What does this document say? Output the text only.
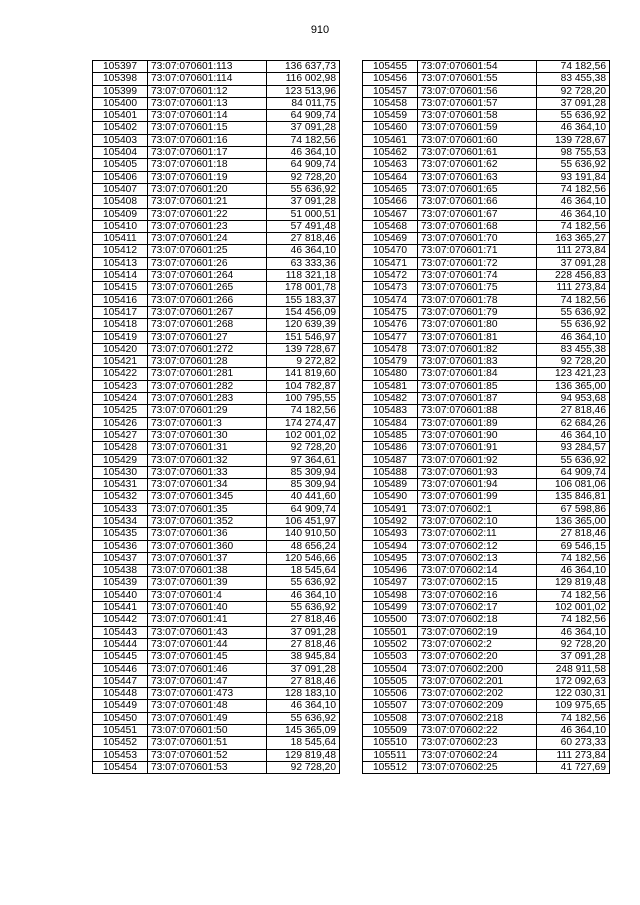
910
105397	73:07:070601:113	136 637,73
105398	73:07:070601:114	116 002,98
105399	73:07:070601:12	123 513,96
105400	73:07:070601:13	84 011,75
105401	73:07:070601:14	64 909,74
105402	73:07:070601:15	37 091,28
105403	73:07:070601:16	74 182,56
105404	73:07:070601:17	46 364,10
105405	73:07:070601:18	64 909,74
105406	73:07:070601:19	92 728,20
105407	73:07:070601:20	55 636,92
105408	73:07:070601:21	37 091,28
105409	73:07:070601:22	51 000,51
105410	73:07:070601:23	57 491,48
105411	73:07:070601:24	27 818,46
105412	73:07:070601:25	46 364,10
105413	73:07:070601:26	63 333,36
105414	73:07:070601:264	118 321,18
105415	73:07:070601:265	178 001,78
105416	73:07:070601:266	155 183,37
105417	73:07:070601:267	154 456,09
105418	73:07:070601:268	120 639,39
105419	73:07:070601:27	151 546,97
105420	73:07:070601:272	139 728,67
105421	73:07:070601:28	9 272,82
105422	73:07:070601:281	141 819,60
105423	73:07:070601:282	104 782,87
105424	73:07:070601:283	100 795,55
105425	73:07:070601:29	74 182,56
105426	73:07:070601:3	174 274,47
105427	73:07:070601:30	102 001,02
105428	73:07:070601:31	92 728,20
105429	73:07:070601:32	97 364,61
105430	73:07:070601:33	85 309,94
105431	73:07:070601:34	85 309,94
105432	73:07:070601:345	40 441,60
105433	73:07:070601:35	64 909,74
105434	73:07:070601:352	106 451,97
105435	73:07:070601:36	140 910,50
105436	73:07:070601:360	48 656,24
105437	73:07:070601:37	120 546,66
105438	73:07:070601:38	18 545,64
105439	73:07:070601:39	55 636,92
105440	73:07:070601:4	46 364,10
105441	73:07:070601:40	55 636,92
105442	73:07:070601:41	27 818,46
105443	73:07:070601:43	37 091,28
105444	73:07:070601:44	27 818,46
105445	73:07:070601:45	38 945,84
105446	73:07:070601:46	37 091,28
105447	73:07:070601:47	27 818,46
105448	73:07:070601:473	128 183,10
105449	73:07:070601:48	46 364,10
105450	73:07:070601:49	55 636,92
105451	73:07:070601:50	145 365,09
105452	73:07:070601:51	18 545,64
105453	73:07:070601:52	129 819,48
105454	73:07:070601:53	92 728,20
105455	73:07:070601:54	74 182,56
105456	73:07:070601:55	83 455,38
105457	73:07:070601:56	92 728,20
105458	73:07:070601:57	37 091,28
105459	73:07:070601:58	55 636,92
105460	73:07:070601:59	46 364,10
105461	73:07:070601:60	139 728,67
105462	73:07:070601:61	98 755,53
105463	73:07:070601:62	55 636,92
105464	73:07:070601:63	93 191,84
105465	73:07:070601:65	74 182,56
105466	73:07:070601:66	46 364,10
105467	73:07:070601:67	46 364,10
105468	73:07:070601:68	74 182,56
105469	73:07:070601:70	163 365,27
105470	73:07:070601:71	111 273,84
105471	73:07:070601:72	37 091,28
105472	73:07:070601:74	228 456,83
105473	73:07:070601:75	111 273,84
105474	73:07:070601:78	74 182,56
105475	73:07:070601:79	55 636,92
105476	73:07:070601:80	55 636,92
105477	73:07:070601:81	46 364,10
105478	73:07:070601:82	83 455,38
105479	73:07:070601:83	92 728,20
105480	73:07:070601:84	123 421,23
105481	73:07:070601:85	136 365,00
105482	73:07:070601:87	94 953,68
105483	73:07:070601:88	27 818,46
105484	73:07:070601:89	62 684,26
105485	73:07:070601:90	46 364,10
105486	73:07:070601:91	93 284,57
105487	73:07:070601:92	55 636,92
105488	73:07:070601:93	64 909,74
105489	73:07:070601:94	106 081,06
105490	73:07:070601:99	135 846,81
105491	73:07:070602:1	67 598,86
105492	73:07:070602:10	136 365,00
105493	73:07:070602:11	27 818,46
105494	73:07:070602:12	69 546,15
105495	73:07:070602:13	74 182,56
105496	73:07:070602:14	46 364,10
105497	73:07:070602:15	129 819,48
105498	73:07:070602:16	74 182,56
105499	73:07:070602:17	102 001,02
105500	73:07:070602:18	74 182,56
105501	73:07:070602:19	46 364,10
105502	73:07:070602:2	92 728,20
105503	73:07:070602:20	37 091,28
105504	73:07:070602:200	248 911,58
105505	73:07:070602:201	172 092,63
105506	73:07:070602:202	122 030,31
105507	73:07:070602:209	109 975,65
105508	73:07:070602:218	74 182,56
105509	73:07:070602:22	46 364,10
105510	73:07:070602:23	60 273,33
105511	73:07:070602:24	111 273,84
105512	73:07:070602:25	41 727,69
